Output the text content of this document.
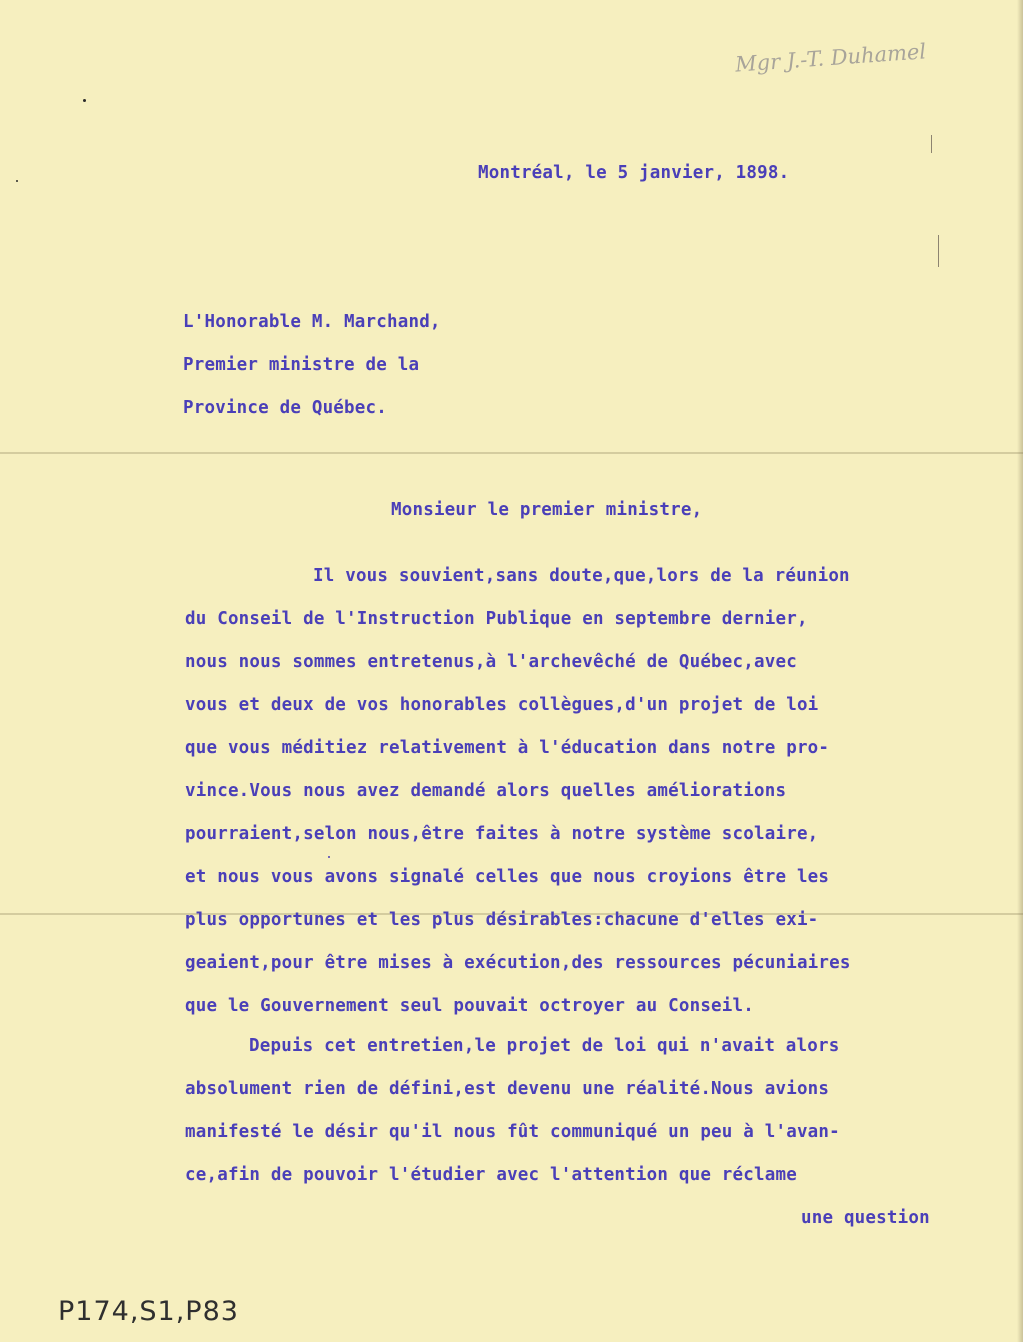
Mgr J.-T. Duhamel
Montréal, le 5 janvier, 1898.
L'Honorable M. Marchand,
Premier ministre de la
Province de Québec.
Monsieur le premier ministre,
Il vous souvient,sans doute,que,lors de la réunion
du Conseil de l'Instruction Publique en septembre dernier,
nous nous sommes entretenus,à l'archevêché de Québec,avec
vous et deux de vos honorables collègues,d'un projet de loi
que vous méditiez relativement à l'éducation dans notre pro-
vince.Vous nous avez demandé alors quelles améliorations
pourraient,selon nous,être faites à notre système scolaire,
et nous vous avons signalé celles que nous croyions être les
plus opportunes et les plus désirables:chacune d'elles exi-
geaient,pour être mises à exécution,des ressources pécuniaires
que le Gouvernement seul pouvait octroyer au Conseil.
Depuis cet entretien,le projet de loi qui n'avait alors
absolument rien de défini,est devenu une réalité.Nous avions
manifesté le désir qu'il nous fût communiqué un peu à l'avan-
ce,afin de pouvoir l'étudier avec l'attention que réclame
une question
P174,S1,P83
